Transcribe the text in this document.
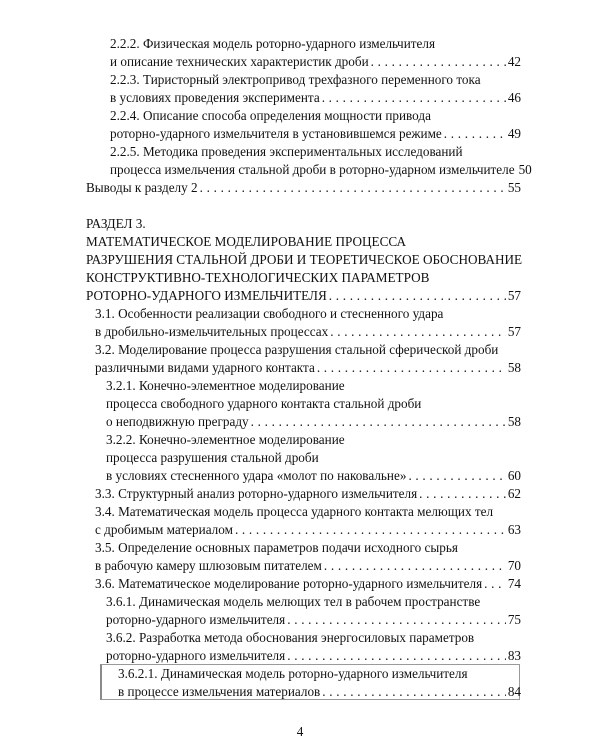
2.2.2. Физическая модель роторно-ударного измельчителя
и описание технических характеристик дроби . . .	42
2.2.3. Тиристорный электропривод трехфазного переменного тока
в условиях проведения эксперимента . . .	46
2.2.4. Описание способа определения мощности привода
роторно-ударного измельчителя в установившемся режиме . . .	49
2.2.5. Методика проведения экспериментальных исследований
процесса измельчения стальной дроби в роторно-ударном измельчителе 50
Выводы к разделу 2 . . .	55
РАЗДЕЛ 3.
МАТЕМАТИЧЕСКОЕ МОДЕЛИРОВАНИЕ ПРОЦЕССА
РАЗРУШЕНИЯ СТАЛЬНОЙ ДРОБИ И ТЕОРЕТИЧЕСКОЕ ОБОСНОВАНИЕ
КОНСТРУКТИВНО-ТЕХНОЛОГИЧЕСКИХ ПАРАМЕТРОВ
РОТОРНО-УДАРНОГО ИЗМЕЛЬЧИТЕЛЯ . . .	57
3.1. Особенности реализации свободного и стесненного удара
в дробильно-измельчительных процессах . . .	57
3.2. Моделирование процесса разрушения стальной сферической дроби
различными видами ударного контакта . . .	58
3.2.1. Конечно-элементное моделирование
процесса свободного ударного контакта стальной дроби
о неподвижную преграду . . .	58
3.2.2. Конечно-элементное моделирование
процесса разрушения стальной дроби
в условиях стесненного удара «молот по наковальне» . . .	60
3.3. Структурный анализ роторно-ударного измельчителя . . .	62
3.4. Математическая модель процесса ударного контакта мелющих тел
с дробимым материалом . . .	63
3.5. Определение основных параметров подачи исходного сырья
в рабочую камеру шлюзовым питателем . . .	70
3.6. Математическое моделирование роторно-ударного измельчителя . . . 74
3.6.1. Динамическая модель мелющих тел в рабочем пространстве
роторно-ударного измельчителя . . .	75
3.6.2. Разработка метода обоснования энергосиловых параметров
роторно-ударного измельчителя . . .	83
3.6.2.1. Динамическая модель роторно-ударного измельчителя
в процессе измельчения материалов . . .	84
4
